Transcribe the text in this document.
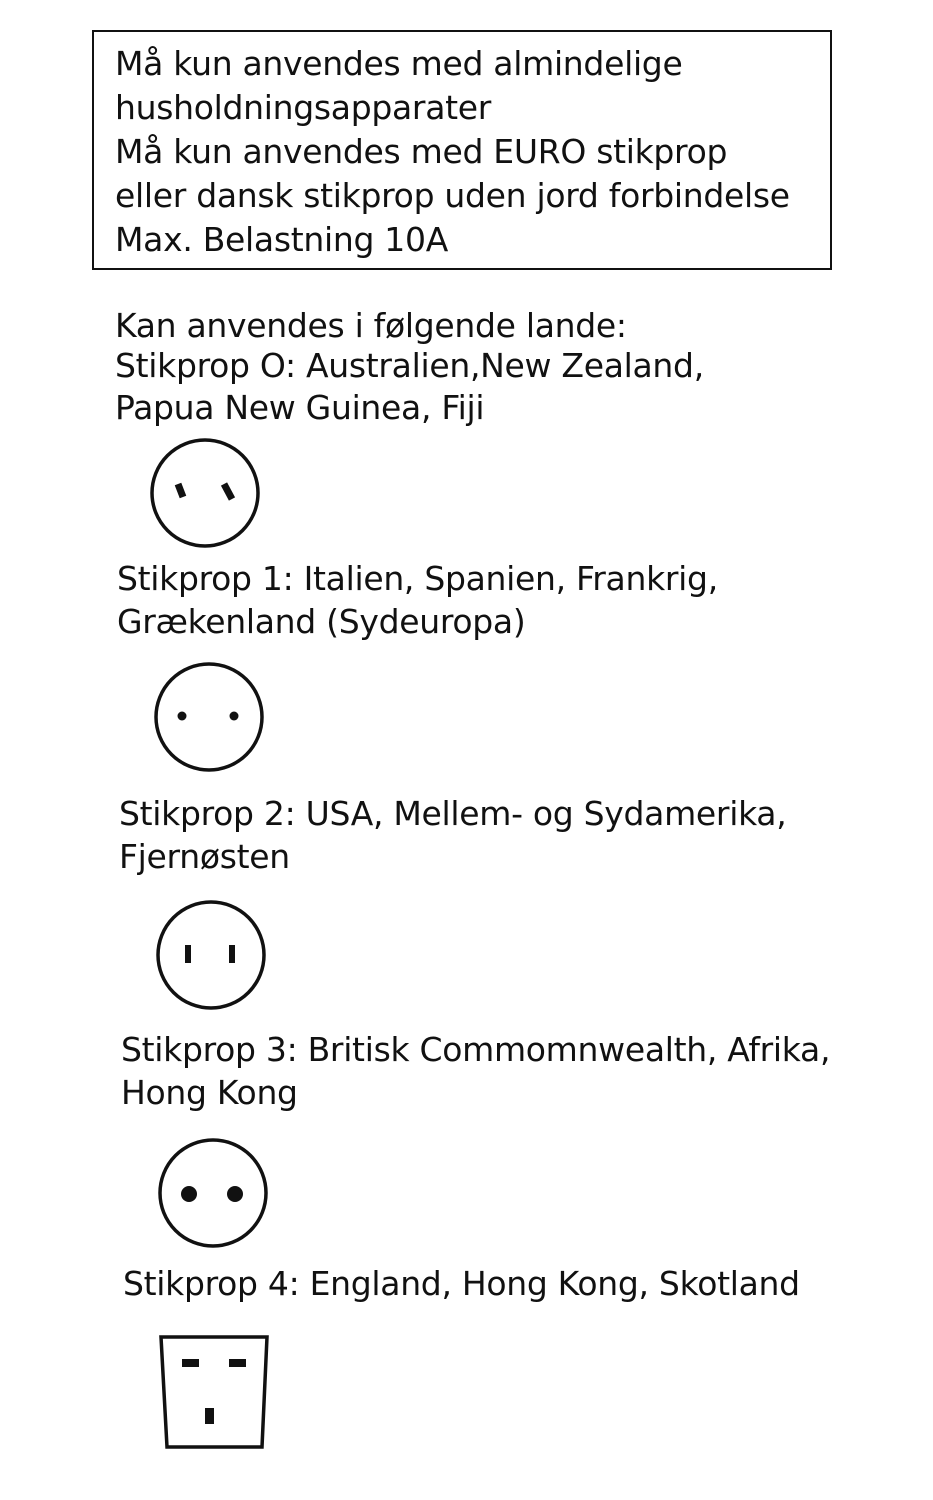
Må kun anvendes med almindelige
husholdningsapparater
Må kun anvendes med EURO stikprop
eller dansk stikprop uden jord forbindelse
Max. Belastning 10A
Kan anvendes i følgende lande:
Stikprop O: Australien,New Zealand,
Papua New Guinea, Fiji
Stikprop 1: Italien, Spanien, Frankrig,
Grækenland (Sydeuropa)
Stikprop 2: USA, Mellem- og Sydamerika,
Fjernøsten
Stikprop 3: Britisk Commomnwealth, Afrika,
Hong Kong
Stikprop 4: England, Hong Kong, Skotland
